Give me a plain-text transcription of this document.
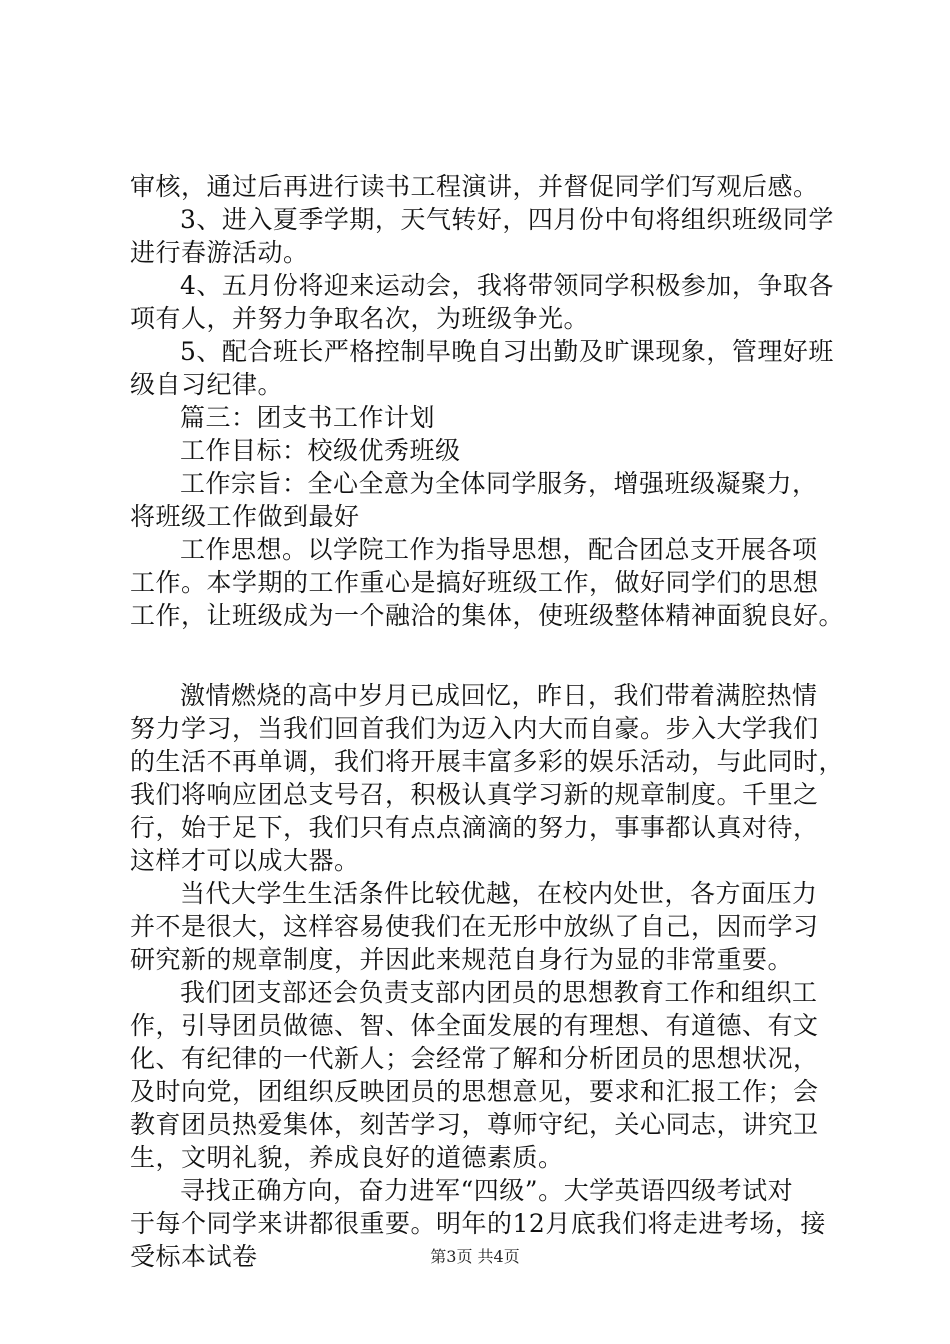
审核，通过后再进行读书工程演讲，并督促同学们写观后感。
3、进入夏季学期，天气转好，四月份中旬将组织班级同学
进行春游活动。
4、五月份将迎来运动会，我将带领同学积极参加，争取各
项有人，并努力争取名次，为班级争光。
5、配合班长严格控制早晚自习出勤及旷课现象，管理好班
级自习纪律。
篇三：团支书工作计划
工作目标：校级优秀班级
工作宗旨：全心全意为全体同学服务，增强班级凝聚力，
将班级工作做到最好
工作思想。以学院工作为指导思想，配合团总支开展各项
工作。本学期的工作重心是搞好班级工作，做好同学们的思想
工作，让班级成为一个融洽的集体，使班级整体精神面貌良好。
激情燃烧的高中岁月已成回忆，昨日，我们带着满腔热情
努力学习，当我们回首我们为迈入内大而自豪。步入大学我们
的生活不再单调，我们将开展丰富多彩的娱乐活动，与此同时，
我们将响应团总支号召，积极认真学习新的规章制度。千里之
行，始于足下，我们只有点点滴滴的努力，事事都认真对待，
这样才可以成大器。
当代大学生生活条件比较优越，在校内处世，各方面压力
并不是很大，这样容易使我们在无形中放纵了自己，因而学习
研究新的规章制度，并因此来规范自身行为显的非常重要。
我们团支部还会负责支部内团员的思想教育工作和组织工
作，引导团员做德、智、体全面发展的有理想、有道德、有文
化、有纪律的一代新人；会经常了解和分析团员的思想状况，
及时向党，团组织反映团员的思想意见，要求和汇报工作；会
教育团员热爱集体，刻苦学习，尊师守纪，关心同志，讲究卫
生，文明礼貌，养成良好的道德素质。
寻找正确方向，奋力进军“四级”。大学英语四级考试对
于每个同学来讲都很重要。明年的12月底我们将走进考场，接
受标本试卷	第3页 共4页
